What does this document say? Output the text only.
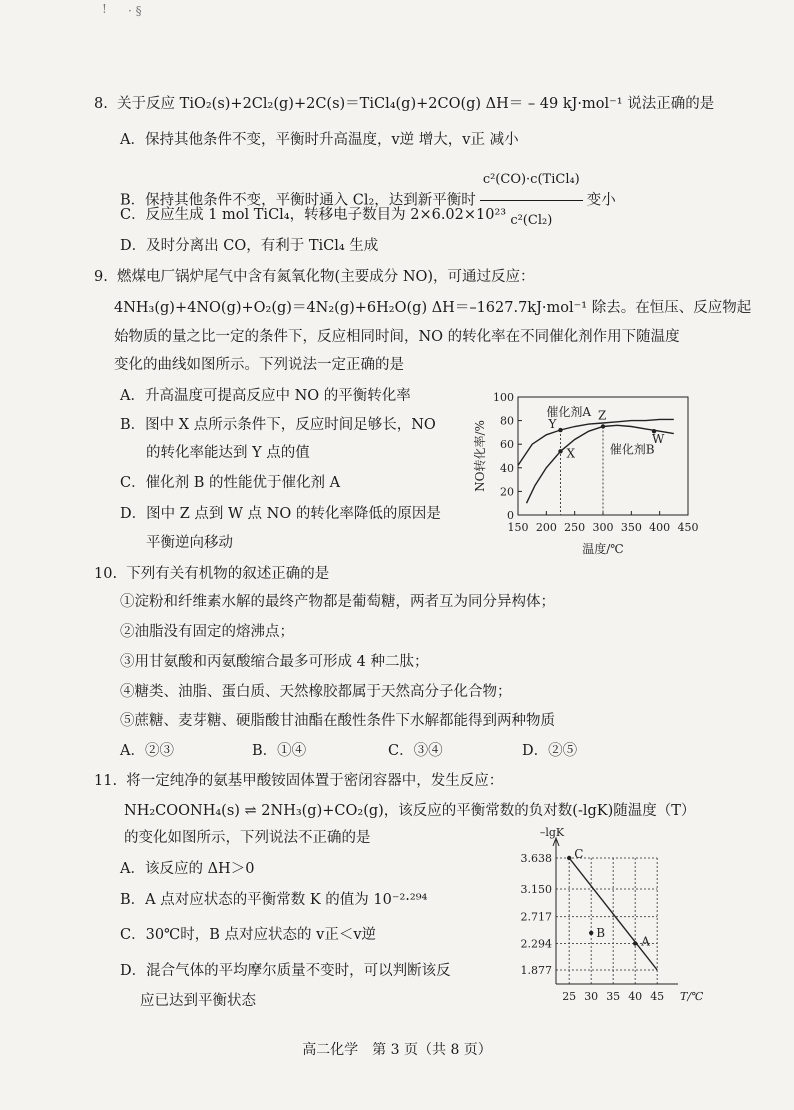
! · §
8.  关于反应 TiO₂(s)+2Cl₂(g)+2C(s)＝TiCl₄(g)+2CO(g) ΔH＝ – 49 kJ·mol⁻¹ 说法正确的是
A．保持其他条件不变，平衡时升高温度，v逆 增大，v正 减小
B．保持其他条件不变，平衡时通入 Cl₂，达到新平衡时 $\frac{\text{c²(CO)·c(TiCl₄)}}{\text{c²(Cl₂)}}$ 变小
C．反应生成 1 mol TiCl₄，转移电子数目为 2×6.02×10²³
D．及时分离出 CO，有利于 TiCl₄ 生成
9.  燃煤电厂锅炉尾气中含有氮氧化物(主要成分 NO)，可通过反应：
4NH₃(g)+4NO(g)+O₂(g)＝4N₂(g)+6H₂O(g) ΔH＝–1627.7kJ·mol⁻¹ 除去。在恒压、反应物起
始物质的量之比一定的条件下，反应相同时间，NO 的转化率在不同催化剂作用下随温度
变化的曲线如图所示。下列说法一定正确的是
A．升高温度可提高反应中 NO 的平衡转化率
B．图中 X 点所示条件下，反应时间足够长，NO
的转化率能达到 Y 点的值
C．催化剂 B 的性能优于催化剂 A
D．图中 Z 点到 W 点 NO 的转化率降低的原因是
平衡逆向移动
0
20
40
60
80
100
150 200 250 300 350 400 450
温度/℃
NO转化率/%	Y
X
Z
W
催化剂A
催化剂B
10.  下列有关有机物的叙述正确的是
①淀粉和纤维素水解的最终产物都是葡萄糖，两者互为同分异构体；
②油脂没有固定的熔沸点；
③用甘氨酸和丙氨酸缩合最多可形成 4 种二肽；
④糖类、油脂、蛋白质、天然橡胶都属于天然高分子化合物；
⑤蔗糖、麦芽糖、硬脂酸甘油酯在酸性条件下水解都能得到两种物质
A．②③	B．①④	C．③④	D．②⑤
11.  将一定纯净的氨基甲酸铵固体置于密闭容器中，发生反应：
NH₂COONH₄(s) ⇌ 2NH₃(g)+CO₂(g)，该反应的平衡常数的负对数(-lgK)随温度（T）
的变化如图所示，下列说法不正确的是
A．该反应的 ΔH＞0
B．A 点对应状态的平衡常数 K 的值为 10⁻²·²⁹⁴
C．30℃时，B 点对应状态的 v正＜v逆
D．混合气体的平均摩尔质量不变时，可以判断该反
应已达到平衡状态
–lgK
T/℃
1.877
2.294
2.717
3.150
3.638
25 30 35 40 45
C
B
A
高二化学　第 3 页（共 8 页）
